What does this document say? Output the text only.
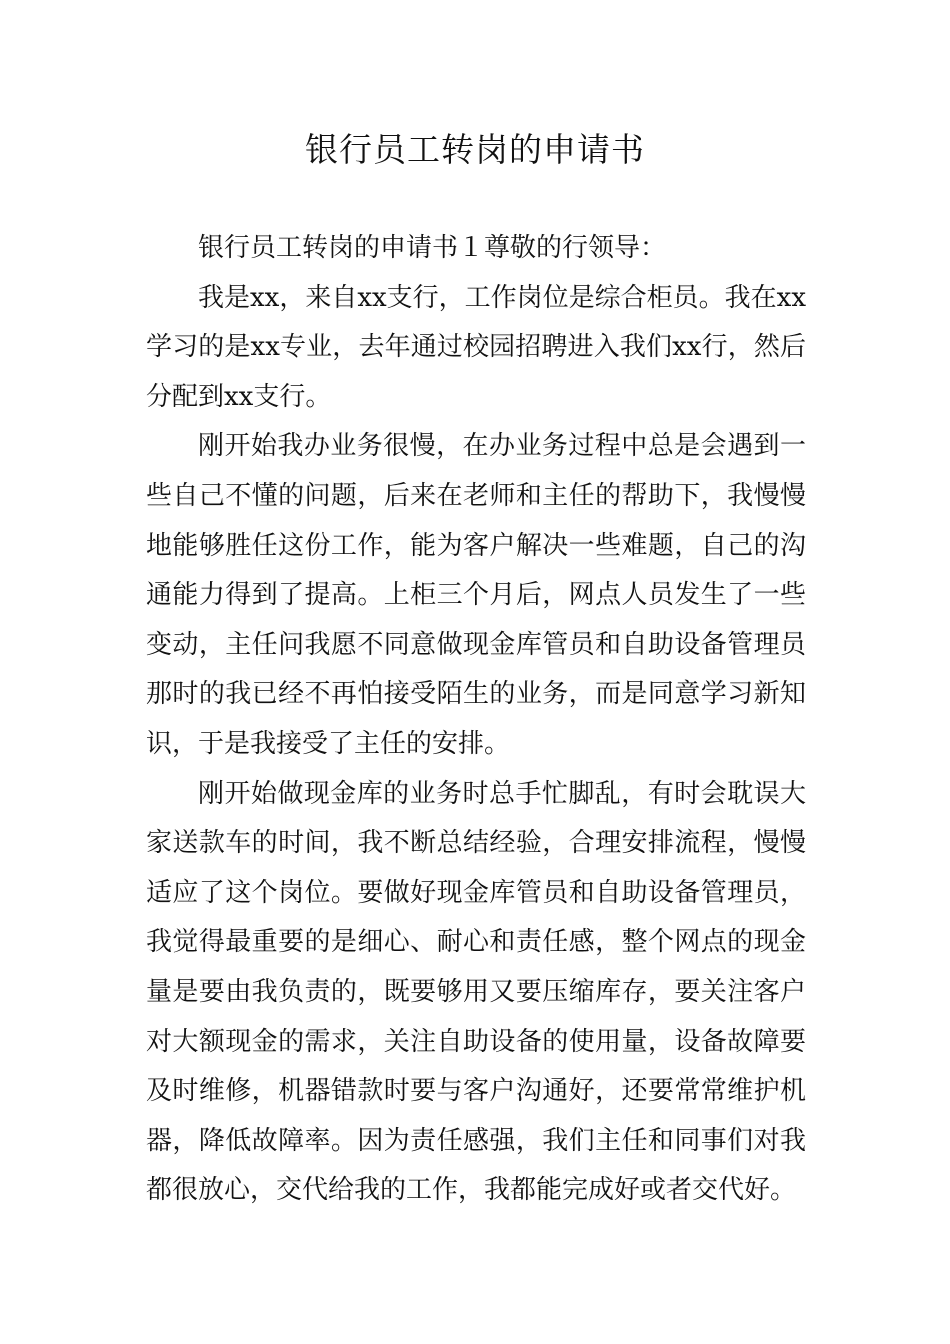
银行员工转岗的申请书

银行员工转岗的申请书１尊敬的行领导：

我是xx，来自xx支行，工作岗位是综合柜员。我在xx学习的是xx专业，去年通过校园招聘进入我们xx行，然后分配到xx支行。

刚开始我办业务很慢，在办业务过程中总是会遇到一些自己不懂的问题，后来在老师和主任的帮助下，我慢慢地能够胜任这份工作，能为客户解决一些难题，自己的沟通能力得到了提高。上柜三个月后，网点人员发生了一些变动，主任问我愿不同意做现金库管员和自助设备管理员那时的我已经不再怕接受陌生的业务，而是同意学习新知识，于是我接受了主任的安排。

刚开始做现金库的业务时总手忙脚乱，有时会耽误大家送款车的时间，我不断总结经验，合理安排流程，慢慢适应了这个岗位。要做好现金库管员和自助设备管理员，我觉得最重要的是细心、耐心和责任感，整个网点的现金量是要由我负责的，既要够用又要压缩库存，要关注客户对大额现金的需求，关注自助设备的使用量，设备故障要及时维修，机器错款时要与客户沟通好，还要常常维护机器，降低故障率。因为责任感强，我们主任和同事们对我都很放心，交代给我的工作，我都能完成好或者交代好。
